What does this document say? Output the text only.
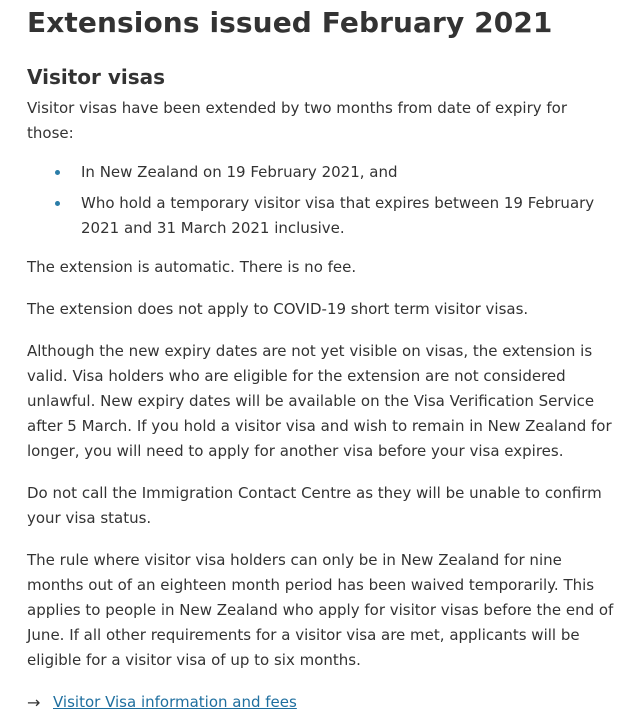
Extensions issued February 2021
Visitor visas

Visitor visas have been extended by two months from date of expiry for those:

In New Zealand on 19 February 2021, and
Who hold a temporary visitor visa that expires between 19 February 2021 and 31 March 2021 inclusive.

The extension is automatic. There is no fee.

The extension does not apply to COVID-19 short term visitor visas.

Although the new expiry dates are not yet visible on visas, the extension is valid. Visa holders who are eligible for the extension are not considered unlawful. New expiry dates will be available on the Visa Verification Service after 5 March. If you hold a visitor visa and wish to remain in New Zealand for longer, you will need to apply for another visa before your visa expires.

Do not call the Immigration Contact Centre as they will be unable to confirm your visa status.

The rule where visitor visa holders can only be in New Zealand for nine months out of an eighteen month period has been waived temporarily. This applies to people in New Zealand who apply for visitor visas before the end of June. If all other requirements for a visitor visa are met, applicants will be eligible for a visitor visa of up to six months.

→ Visitor Visa information and fees
